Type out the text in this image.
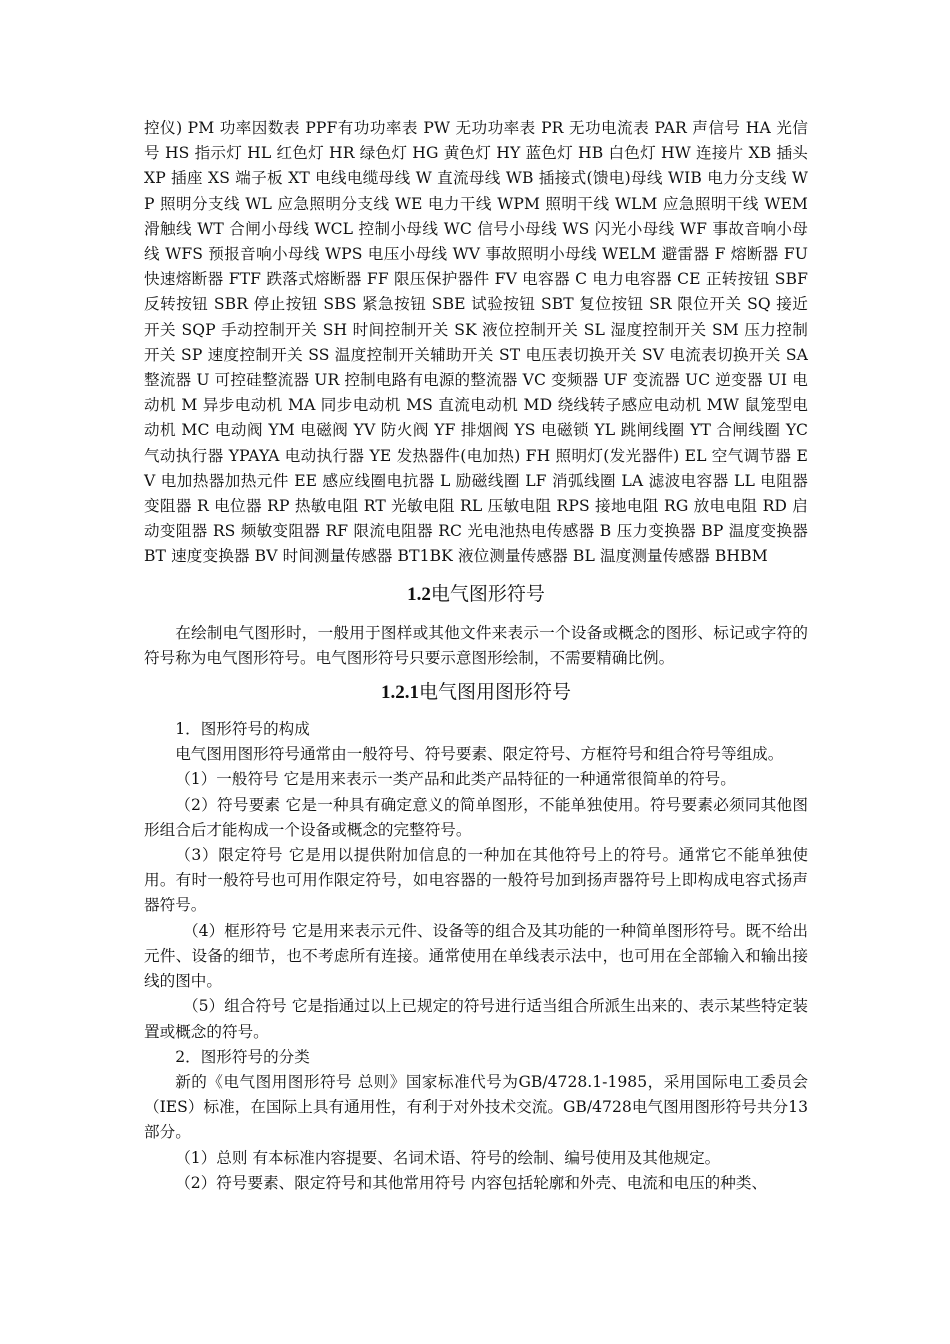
控仪) PM 功率因数表 PPF有功功率表 PW 无功功率表 PR 无功电流表 PAR 声信号 HA 光信号 HS 指示灯 HL 红色灯 HR 绿色灯 HG 黄色灯 HY 蓝色灯 HB 白色灯 HW 连接片 XB 插头 XP 插座 XS 端子板 XT 电线电缆母线 W 直流母线 WB 插接式(馈电)母线 WIB 电力分支线 WP 照明分支线 WL 应急照明分支线 WE 电力干线 WPM 照明干线 WLM 应急照明干线 WEM 滑触线 WT 合闸小母线 WCL 控制小母线 WC 信号小母线 WS 闪光小母线 WF 事故音响小母线 WFS 预报音响小母线 WPS 电压小母线 WV 事故照明小母线 WELM 避雷器 F 熔断器 FU 快速熔断器 FTF 跌落式熔断器 FF 限压保护器件 FV 电容器 C 电力电容器 CE 正转按钮 SBF 反转按钮 SBR 停止按钮 SBS 紧急按钮 SBE 试验按钮 SBT 复位按钮 SR 限位开关 SQ 接近开关 SQP 手动控制开关 SH 时间控制开关 SK 液位控制开关 SL 湿度控制开关 SM 压力控制开关 SP 速度控制开关 SS 温度控制开关辅助开关 ST 电压表切换开关 SV 电流表切换开关 SA 整流器 U 可控硅整流器 UR 控制电路有电源的整流器 VC 变频器 UF 变流器 UC 逆变器 UI 电动机 M 异步电动机 MA 同步电动机 MS 直流电动机 MD 绕线转子感应电动机 MW 鼠笼型电动机 MC 电动阀 YM 电磁阀 YV 防火阀 YF 排烟阀 YS 电磁锁 YL 跳闸线圈 YT 合闸线圈 YC 气动执行器 YPAYA 电动执行器 YE 发热器件(电加热) FH 照明灯(发光器件) EL 空气调节器 EV 电加热器加热元件 EE 感应线圈电抗器 L 励磁线圈 LF 消弧线圈 LA 滤波电容器 LL 电阻器变阻器 R 电位器 RP 热敏电阻 RT 光敏电阻 RL 压敏电阻 RPS 接地电阻 RG 放电电阻 RD 启动变阻器 RS 频敏变阻器 RF 限流电阻器 RC 光电池热电传感器 B 压力变换器 BP 温度变换器 BT 速度变换器 BV 时间测量传感器 BT1BK 液位测量传感器 BL 温度测量传感器 BHBM

1.2电气图形符号

在绘制电气图形时，一般用于图样或其他文件来表示一个设备或概念的图形、标记或字符的符号称为电气图形符号。电气图形符号只要示意图形绘制，不需要精确比例。

1.2.1电气图用图形符号

1．图形符号的构成

电气图用图形符号通常由一般符号、符号要素、限定符号、方框符号和组合符号等组成。

（1）一般符号 它是用来表示一类产品和此类产品特征的一种通常很简单的符号。

（2）符号要素 它是一种具有确定意义的简单图形，不能单独使用。符号要素必须同其他图形组合后才能构成一个设备或概念的完整符号。

（3）限定符号 它是用以提供附加信息的一种加在其他符号上的符号。通常它不能单独使用。有时一般符号也可用作限定符号，如电容器的一般符号加到扬声器符号上即构成电容式扬声器符号。

（4）框形符号 它是用来表示元件、设备等的组合及其功能的一种简单图形符号。既不给出元件、设备的细节，也不考虑所有连接。通常使用在单线表示法中，也可用在全部输入和输出接线的图中。

（5）组合符号 它是指通过以上已规定的符号进行适当组合所派生出来的、表示某些特定装置或概念的符号。

2．图形符号的分类

新的《电气图用图形符号 总则》国家标准代号为GB/4728.1-1985，采用国际电工委员会（IES）标准，在国际上具有通用性，有利于对外技术交流。GB/4728电气图用图形符号共分13部分。

（1）总则 有本标准内容提要、名词术语、符号的绘制、编号使用及其他规定。

（2）符号要素、限定符号和其他常用符号 内容包括轮廓和外壳、电流和电压的种类、
